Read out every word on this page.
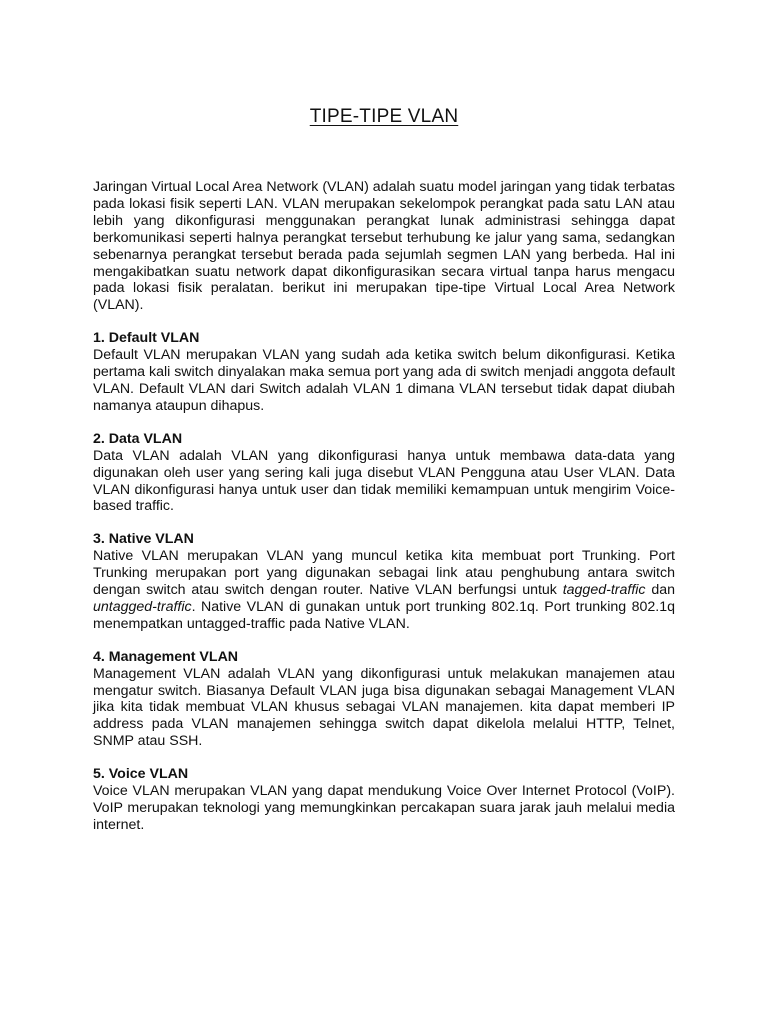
TIPE-TIPE VLAN

Jaringan Virtual Local Area Network (VLAN) adalah suatu model jaringan yang tidak terbatas pada lokasi fisik seperti LAN. VLAN merupakan sekelompok perangkat pada satu LAN atau lebih yang dikonfigurasi menggunakan perangkat lunak administrasi sehingga dapat berkomunikasi seperti halnya perangkat tersebut terhubung ke jalur yang sama, sedangkan sebenarnya perangkat tersebut berada pada sejumlah segmen LAN yang berbeda. Hal ini mengakibatkan suatu network dapat dikonfigurasikan secara virtual tanpa harus mengacu pada lokasi fisik peralatan. berikut ini merupakan tipe-tipe Virtual Local Area Network (VLAN).

1. Default VLAN

Default VLAN merupakan VLAN yang sudah ada ketika switch belum dikonfigurasi. Ketika pertama kali switch dinyalakan maka semua port yang ada di switch menjadi anggota default VLAN. Default VLAN dari Switch adalah VLAN 1 dimana VLAN tersebut tidak dapat diubah namanya ataupun dihapus.

2. Data VLAN

Data VLAN adalah VLAN yang dikonfigurasi hanya untuk membawa data-data yang digunakan oleh user yang sering kali juga disebut VLAN Pengguna atau User VLAN. Data VLAN dikonfigurasi hanya untuk user dan tidak memiliki kemampuan untuk mengirim Voice-based traffic.

3. Native VLAN

Native VLAN merupakan VLAN yang muncul ketika kita membuat port Trunking. Port Trunking merupakan port yang digunakan sebagai link atau penghubung antara switch dengan switch atau switch dengan router. Native VLAN berfungsi untuk tagged-traffic dan untagged-traffic. Native VLAN di gunakan untuk port trunking 802.1q. Port trunking 802.1q menempatkan untagged-traffic pada Native VLAN.

4. Management VLAN

Management VLAN adalah VLAN yang dikonfigurasi untuk melakukan manajemen atau mengatur switch. Biasanya Default VLAN juga bisa digunakan sebagai Management VLAN jika kita tidak membuat VLAN khusus sebagai VLAN manajemen. kita dapat memberi IP address pada VLAN manajemen sehingga switch dapat dikelola melalui HTTP, Telnet, SNMP atau SSH.

5. Voice VLAN

Voice VLAN merupakan VLAN yang dapat mendukung Voice Over Internet Protocol (VoIP). VoIP merupakan teknologi yang memungkinkan percakapan suara jarak jauh melalui media internet.
